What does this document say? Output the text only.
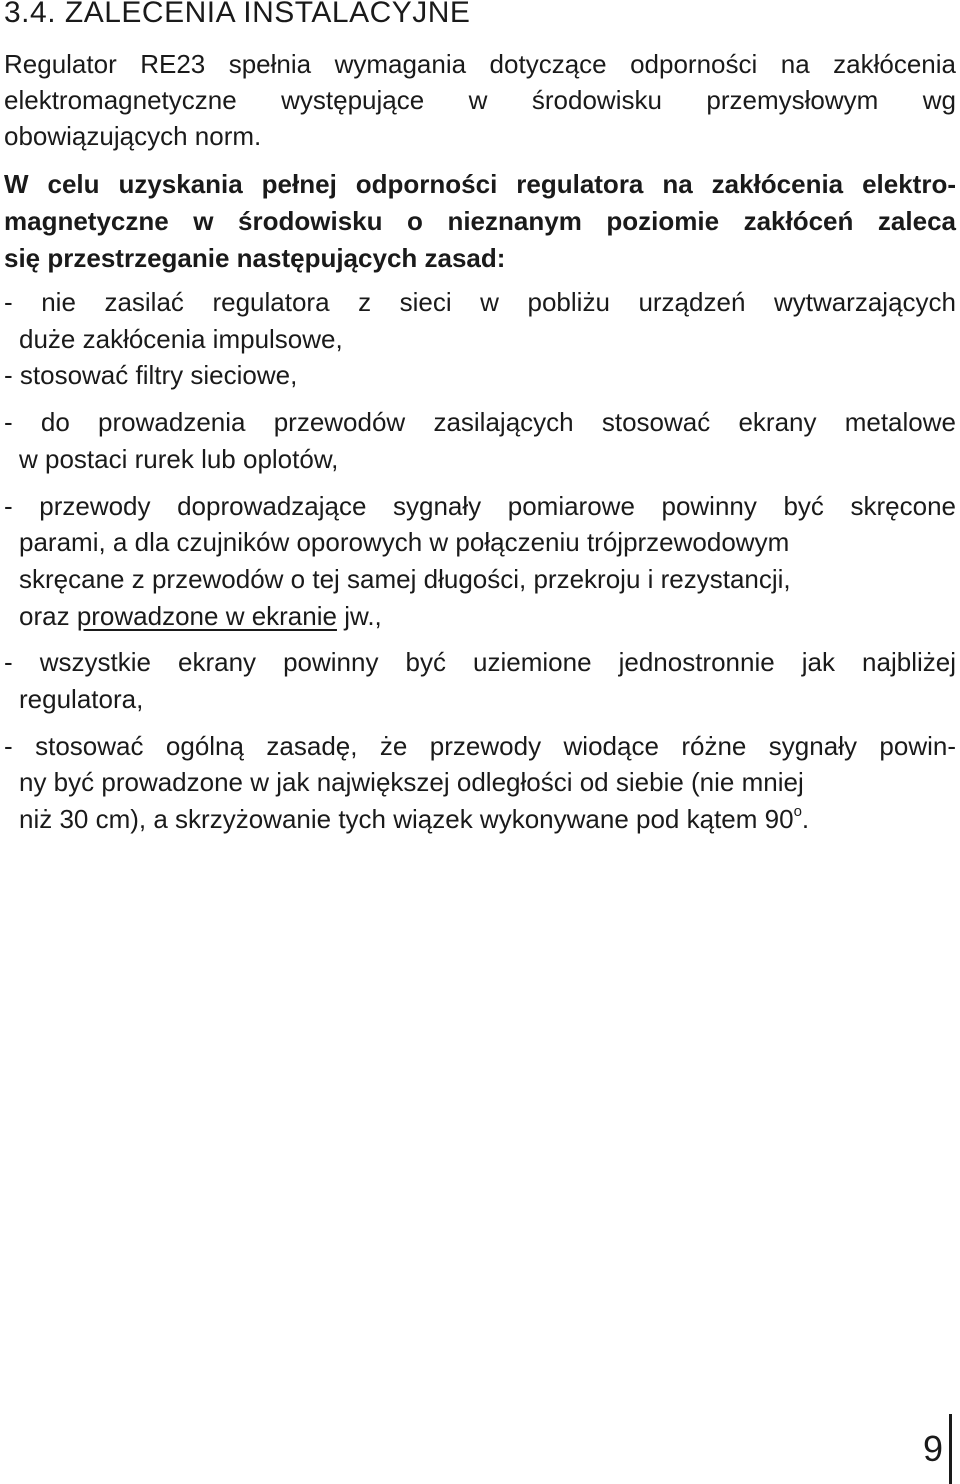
3.4. ZALECENIA INSTALACYJNE

Regulator RE23 spełnia wymagania dotyczące odporności na zakłócenia
elektromagnetyczne występujące w środowisku przemysłowym wg
obowiązujących norm.

W celu uzyskania pełnej odporności regulatora na zakłócenia elektro-
magnetyczne w środowisku o nieznanym poziomie zakłóceń zaleca
się przestrzeganie następujących zasad:

- nie zasilać regulatora z sieci w pobliżu urządzeń wytwarzających
duże zakłócenia impulsowe,
- stosować filtry sieciowe,
- do prowadzenia przewodów zasilających stosować ekrany metalowe
w postaci rurek lub oplotów,
- przewody doprowadzające sygnały pomiarowe powinny być skręcone
parami, a dla czujników oporowych w połączeniu trójprzewodowym
skręcane z przewodów o tej samej długości, przekroju i rezystancji,
oraz prowadzone w ekranie jw.,
- wszystkie ekrany powinny być uziemione jednostronnie jak najbliżej
regulatora,
- stosować ogólną zasadę, że przewody wiodące różne sygnały powin-
ny być prowadzone w jak największej odległości od siebie (nie mniej
niż 30 cm), a skrzyżowanie tych wiązek wykonywane pod kątem 90$^o$.
9
